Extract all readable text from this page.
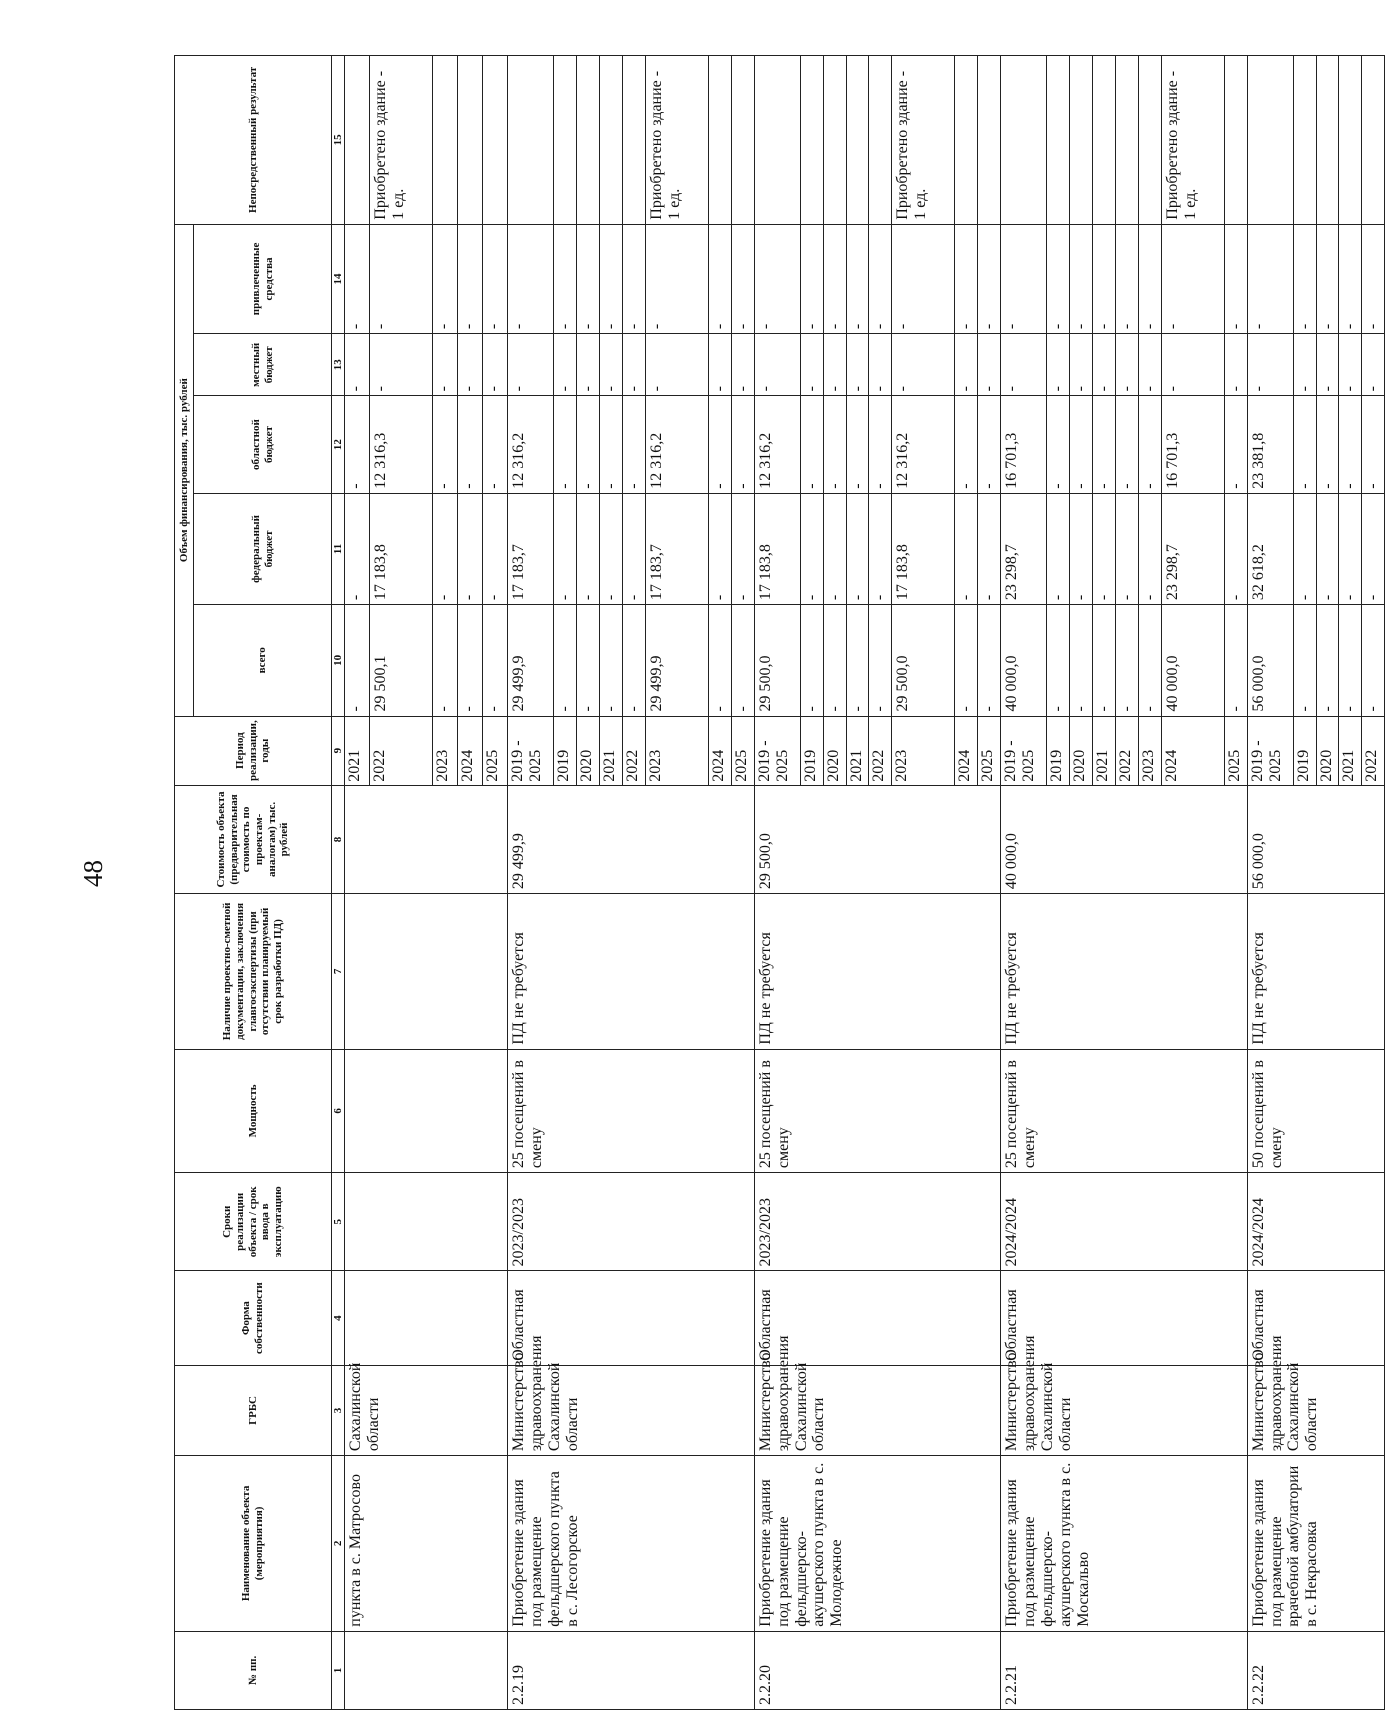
48
№ пп.	Наименование объекта (мероприятия)	ГРБС	Форма собственности	Сроки реализации объекта / срок ввода в эксплуатацию	Мощность	Наличие проектно-сметной документации, заключения главгосэкспертизы (при отсутствии планируемый срок разработки ПД)	Стоимость объекта (предварительная стоимость по проектам-аналогам) тыс. рублей	Период реализации, годы	Объем финансирования, тыс. рублей					Непосредственный результат
									всего	федеральный бюджет	областной бюджет	местный бюджет	привлеченные средства	
1	2	3	4	5	6	7	8	9	10	11	12	13	14	15
	пункта в с. Матросово	Сахалинской области						2021	-	-	-	-	-	
								2022	29 500,1	17 183,8	12 316,3	-	-	Приобретено здание - 1 ед.
								2023	-	-	-	-	-	
								2024	-	-	-	-	-	
								2025	-	-	-	-	-	
2.2.19	Приобретение здания под размещение фельдшерского пункта в с. Лесогорское	Министерство здравоохранения Сахалинской области	Областная	2023/2023	25 посещений в смену	ПД не требуется	29 499,9	2019 - 2025	29 499,9	17 183,7	12 316,2	-	-	
								2019	-	-	-	-	-	
								2020	-	-	-	-	-	
								2021	-	-	-	-	-	
								2022	-	-	-	-	-	
								2023	29 499,9	17 183,7	12 316,2	-	-	Приобретено здание - 1 ед.
								2024	-	-	-	-	-	
								2025	-	-	-	-	-	
2.2.20	Приобретение здания под размещение фельдшерско-акушерского пункта в с. Молодежное	Министерство здравоохранения Сахалинской области	Областная	2023/2023	25 посещений в смену	ПД не требуется	29 500,0	2019 - 2025	29 500,0	17 183,8	12 316,2	-	-	
								2019	-	-	-	-	-	
								2020	-	-	-	-	-	
								2021	-	-	-	-	-	
								2022	-	-	-	-	-	
								2023	29 500,0	17 183,8	12 316,2	-	-	Приобретено здание - 1 ед.
								2024	-	-	-	-	-	
								2025	-	-	-	-	-	
2.2.21	Приобретение здания под размещение фельдшерско-акушерского пункта в с. Москальво	Министерство здравоохранения Сахалинской области	Областная	2024/2024	25 посещений в смену	ПД не требуется	40 000,0	2019 - 2025	40 000,0	23 298,7	16 701,3	-	-	
								2019	-	-	-	-	-	
								2020	-	-	-	-	-	
								2021	-	-	-	-	-	
								2022	-	-	-	-	-	
								2023	-	-	-	-	-	
								2024	40 000,0	23 298,7	16 701,3	-	-	Приобретено здание - 1 ед.
								2025	-	-	-	-	-	
2.2.22	Приобретение здания под размещение врачебной амбулатории в с. Некрасовка	Министерство здравоохранения Сахалинской области	Областная	2024/2024	50 посещений в смену	ПД не требуется	56 000,0	2019 - 2025	56 000,0	32 618,2	23 381,8	-	-	
								2019	-	-	-	-	-	
								2020	-	-	-	-	-	
								2021	-	-	-	-	-	
								2022	-	-	-	-	-	
